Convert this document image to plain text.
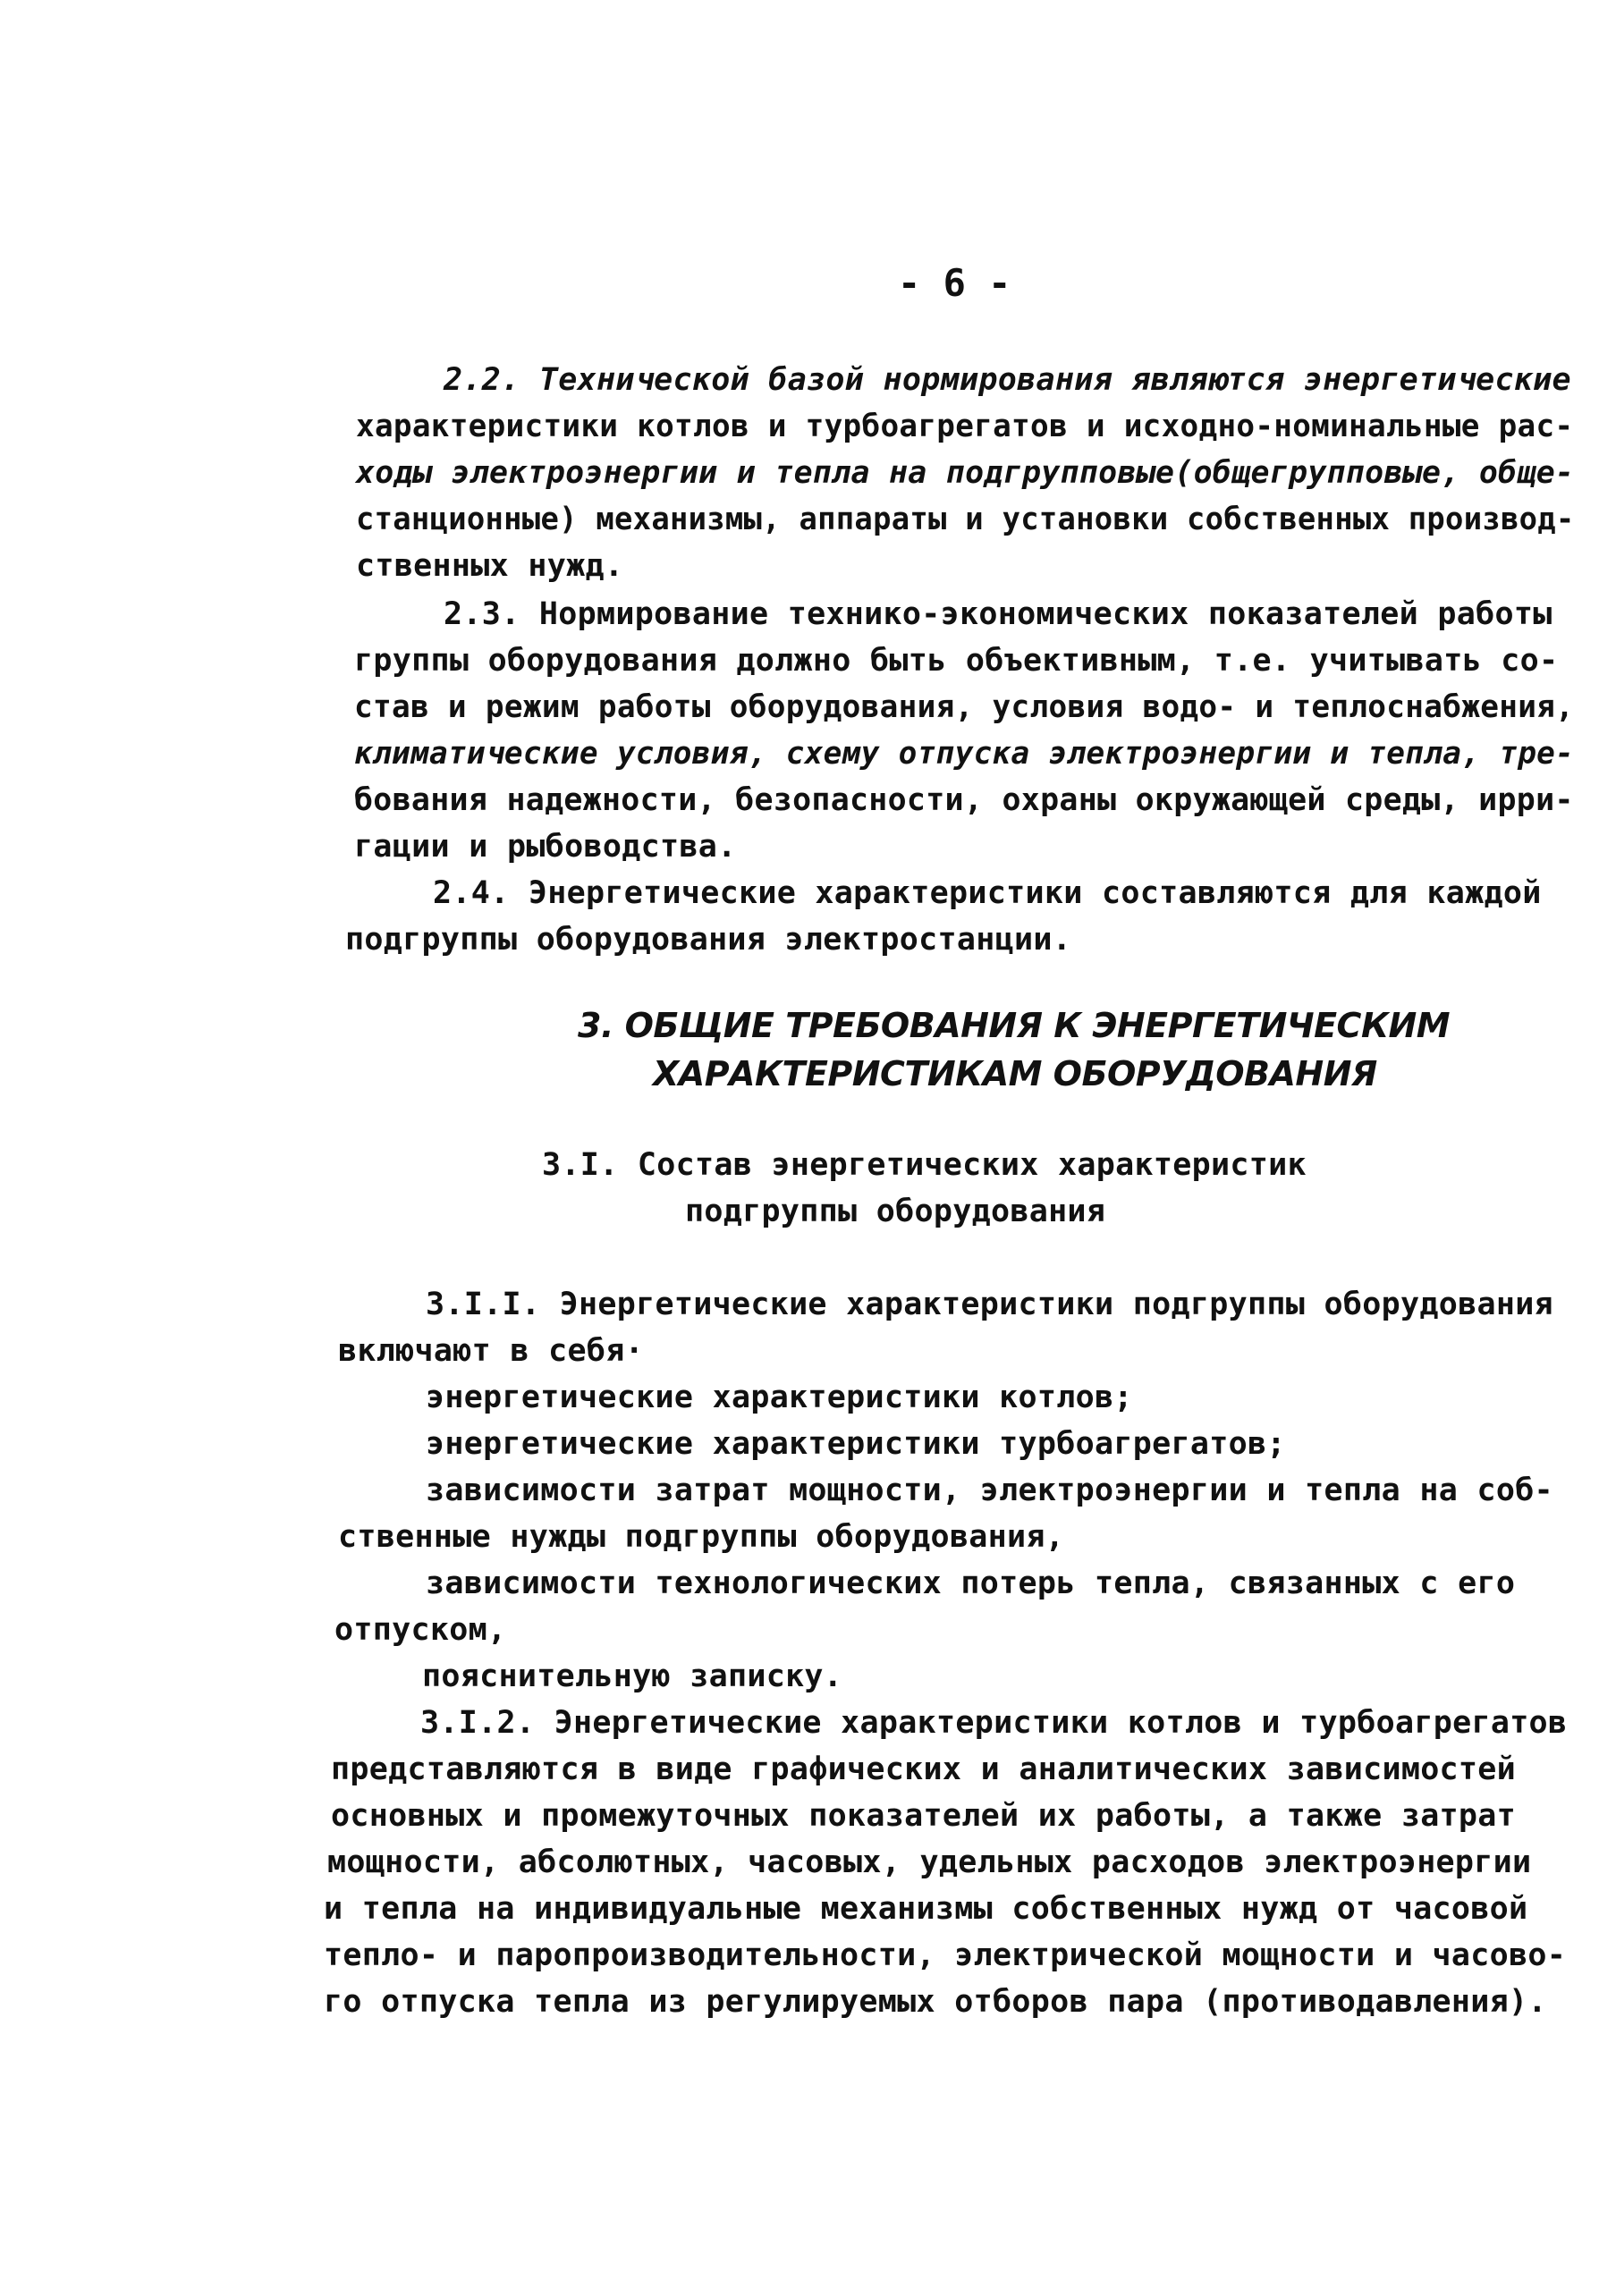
- 6 -
2.2. Технической базой нормирования являются энергетические
характеристики котлов и турбоагрегатов и исходно-номинальные рас-
ходы электроэнергии и тепла на подгрупповые(общегрупповые, обще-
станционные) механизмы, аппараты и установки собственных производ-
ственных нужд.
2.3. Нормирование технико-экономических показателей работы
группы оборудования должно быть объективным, т.е. учитывать со-
став и режим работы оборудования, условия водо- и теплоснабжения,
климатические условия, схему отпуска электроэнергии и тепла, тре-
бования надежности, безопасности, охраны окружающей среды, ирри-
гации и рыбоводства.
2.4. Энергетические характеристики составляются для каждой
подгруппы оборудования электростанции.
3. ОБЩИЕ ТРЕБОВАНИЯ К ЭНЕРГЕТИЧЕСКИМ
ХАРАКТЕРИСТИКАМ ОБОРУДОВАНИЯ
3.I. Состав энергетических характеристик
подгруппы оборудования
3.I.I. Энергетические характеристики подгруппы оборудования
включают в себя·
энергетические характеристики котлов;
энергетические характеристики турбоагрегатов;
зависимости затрат мощности, электроэнергии и тепла на соб-
ственные нужды подгруппы оборудования,
зависимости технологических потерь тепла, связанных с его
отпуском,
пояснительную записку.
3.I.2. Энергетические характеристики котлов и турбоагрегатов
представляются в виде графических и аналитических зависимостей
основных и промежуточных показателей их работы, а также затрат
мощности, абсолютных, часовых, удельных расходов электроэнергии
и тепла на индивидуальные механизмы собственных нужд от часовой
тепло- и паропроизводительности, электрической мощности и часово-
го отпуска тепла из регулируемых отборов пара (противодавления).
